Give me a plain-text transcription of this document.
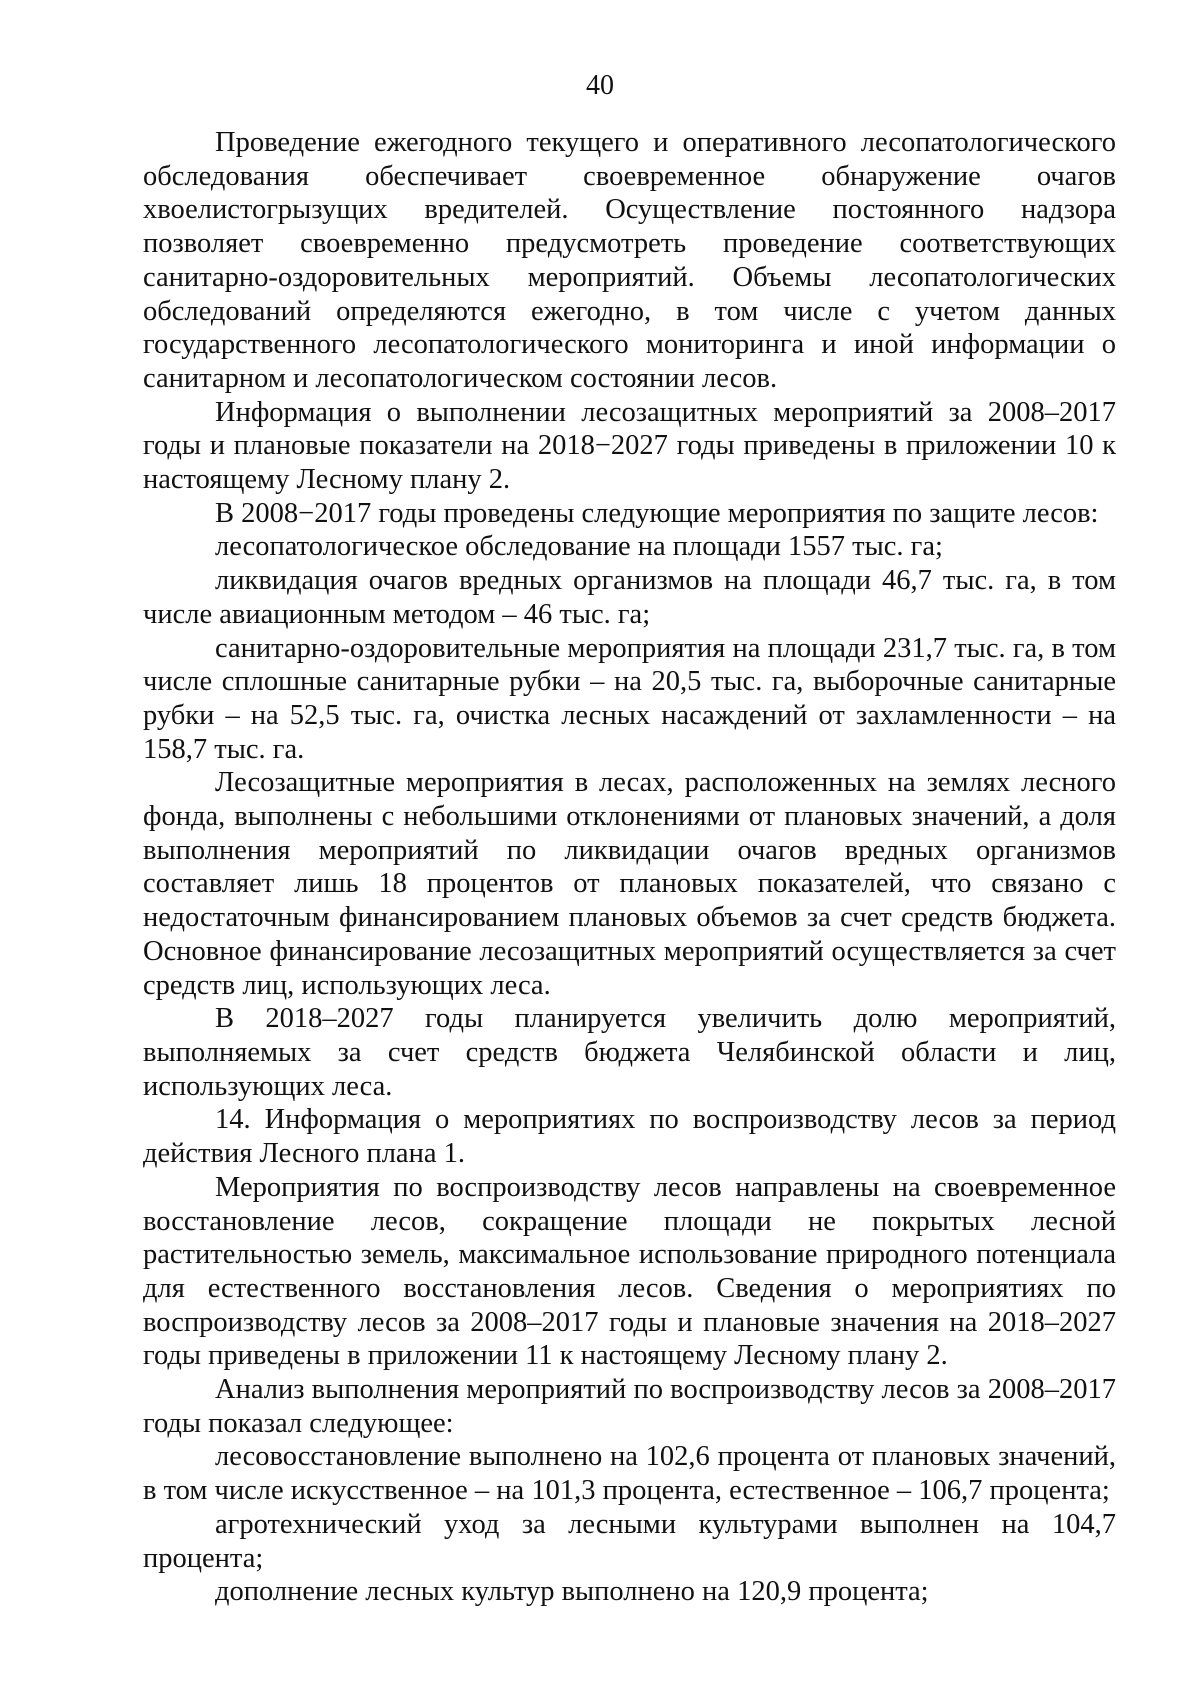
40

Проведение ежегодного текущего и оперативного лесопатологического обследования обеспечивает своевременное обнаружение очагов хвоелистогрызущих вредителей. Осуществление постоянного надзора позволяет своевременно предусмотреть проведение соответствующих санитарно-оздоровительных мероприятий. Объемы лесопатологических обследований определяются ежегодно, в том числе с учетом данных государственного лесопатологического мониторинга и иной информации о санитарном и лесопатологическом состоянии лесов.

Информация о выполнении лесозащитных мероприятий за 2008–2017 годы и плановые показатели на 2018−2027 годы приведены в приложении 10 к настоящему Лесному плану 2.

В 2008−2017 годы проведены следующие мероприятия по защите лесов:

лесопатологическое обследование на площади 1557 тыс. га;

ликвидация очагов вредных организмов на площади 46,7 тыс. га, в том числе авиационным методом – 46 тыс. га;

санитарно-оздоровительные мероприятия на площади 231,7 тыс. га, в том числе сплошные санитарные рубки – на 20,5 тыс. га, выборочные санитарные рубки – на 52,5 тыс. га, очистка лесных насаждений от захламленности – на 158,7 тыс. га.

Лесозащитные мероприятия в лесах, расположенных на землях лесного фонда, выполнены с небольшими отклонениями от плановых значений, а доля выполнения мероприятий по ликвидации очагов вредных организмов составляет лишь 18 процентов от плановых показателей, что связано с недостаточным финансированием плановых объемов за счет средств бюджета. Основное финансирование лесозащитных мероприятий осуществляется за счет средств лиц, использующих леса.

В 2018–2027 годы планируется увеличить долю мероприятий, выполняемых за счет средств бюджета Челябинской области и лиц, использующих леса.

14. Информация о мероприятиях по воспроизводству лесов за период действия Лесного плана 1.

Мероприятия по воспроизводству лесов направлены на своевременное восстановление лесов, сокращение площади не покрытых лесной растительностью земель, максимальное использование природного потенциала для естественного восстановления лесов. Сведения о мероприятиях по воспроизводству лесов за 2008–2017 годы и плановые значения на 2018–2027 годы приведены в приложении 11 к настоящему Лесному плану 2.

Анализ выполнения мероприятий по воспроизводству лесов за 2008–2017 годы показал следующее:

лесовосстановление выполнено на 102,6 процента от плановых значений, в том числе искусственное – на 101,3 процента, естественное – 106,7 процента;

агротехнический уход за лесными культурами выполнен на 104,7 процента;

дополнение лесных культур выполнено на 120,9 процента;
